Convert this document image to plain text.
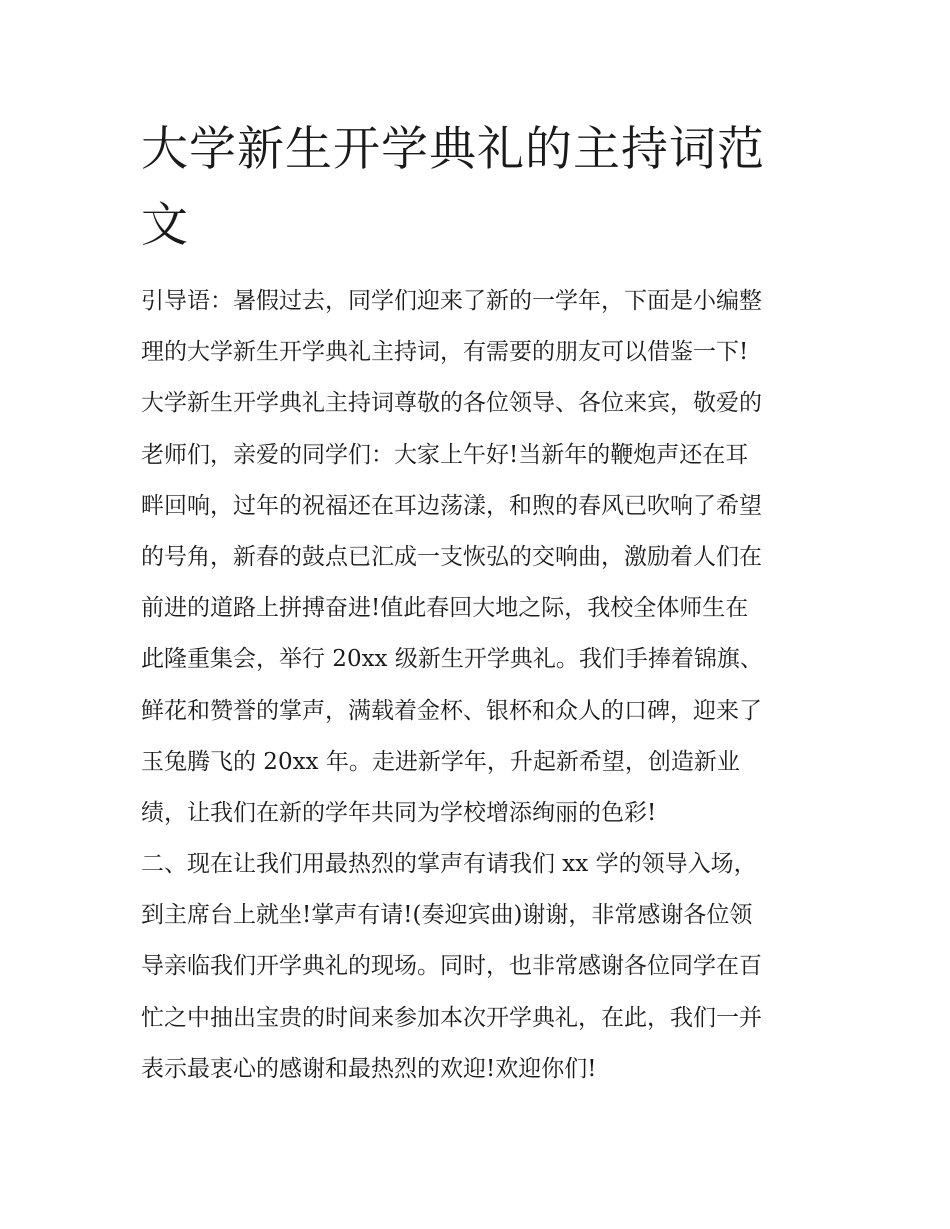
大学新生开学典礼的主持词范文
引导语：暑假过去，同学们迎来了新的一学年，下面是小编整
理的大学新生开学典礼主持词，有需要的朋友可以借鉴一下!
大学新生开学典礼主持词尊敬的各位领导、各位来宾，敬爱的
老师们，亲爱的同学们：大家上午好!当新年的鞭炮声还在耳
畔回响，过年的祝福还在耳边荡漾，和煦的春风已吹响了希望
的号角，新春的鼓点已汇成一支恢弘的交响曲，激励着人们在
前进的道路上拼搏奋进!值此春回大地之际，我校全体师生在
此隆重集会，举行 20xx 级新生开学典礼。我们手捧着锦旗、
鲜花和赞誉的掌声，满载着金杯、银杯和众人的口碑，迎来了
玉兔腾飞的 20xx 年。走进新学年，升起新希望，创造新业
绩，让我们在新的学年共同为学校增添绚丽的色彩!
二、现在让我们用最热烈的掌声有请我们 xx 学的领导入场，
到主席台上就坐!掌声有请!(奏迎宾曲)谢谢，非常感谢各位领
导亲临我们开学典礼的现场。同时，也非常感谢各位同学在百
忙之中抽出宝贵的时间来参加本次开学典礼，在此，我们一并
表示最衷心的感谢和最热烈的欢迎!欢迎你们!
